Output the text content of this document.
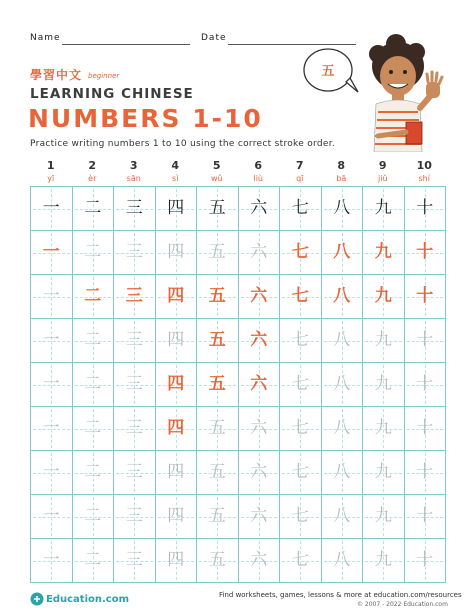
Name	Date
學習中文 beginner
LEARNING CHINESE
NUMBERS 1-10
Practice writing numbers 1 to 10 using the correct stroke order.
五
1
yī
2
èr
3
sān
4
sì
5
wǔ
6
liù
7
qī
8
bā
9
jiǔ
10
shí
一	二	三	四	五	六	七	八	九	十
一	二	三	四	五	六	七	八	九	十
一	二	三	四	五	六	七	八	九	十
一	二	三	四	五	六	七	八	九	十
一	二	三	四	五	六	七	八	九	十
一	二	三	四	五	六	七	八	九	十
一	二	三	四	五	六	七	八	九	十
一	二	三	四	五	六	七	八	九	十
一	二	三	四	五	六	七	八	九	十
Education.com	Find worksheets, games, lessons & more at education.com/resources
© 2007 - 2022 Education.com
